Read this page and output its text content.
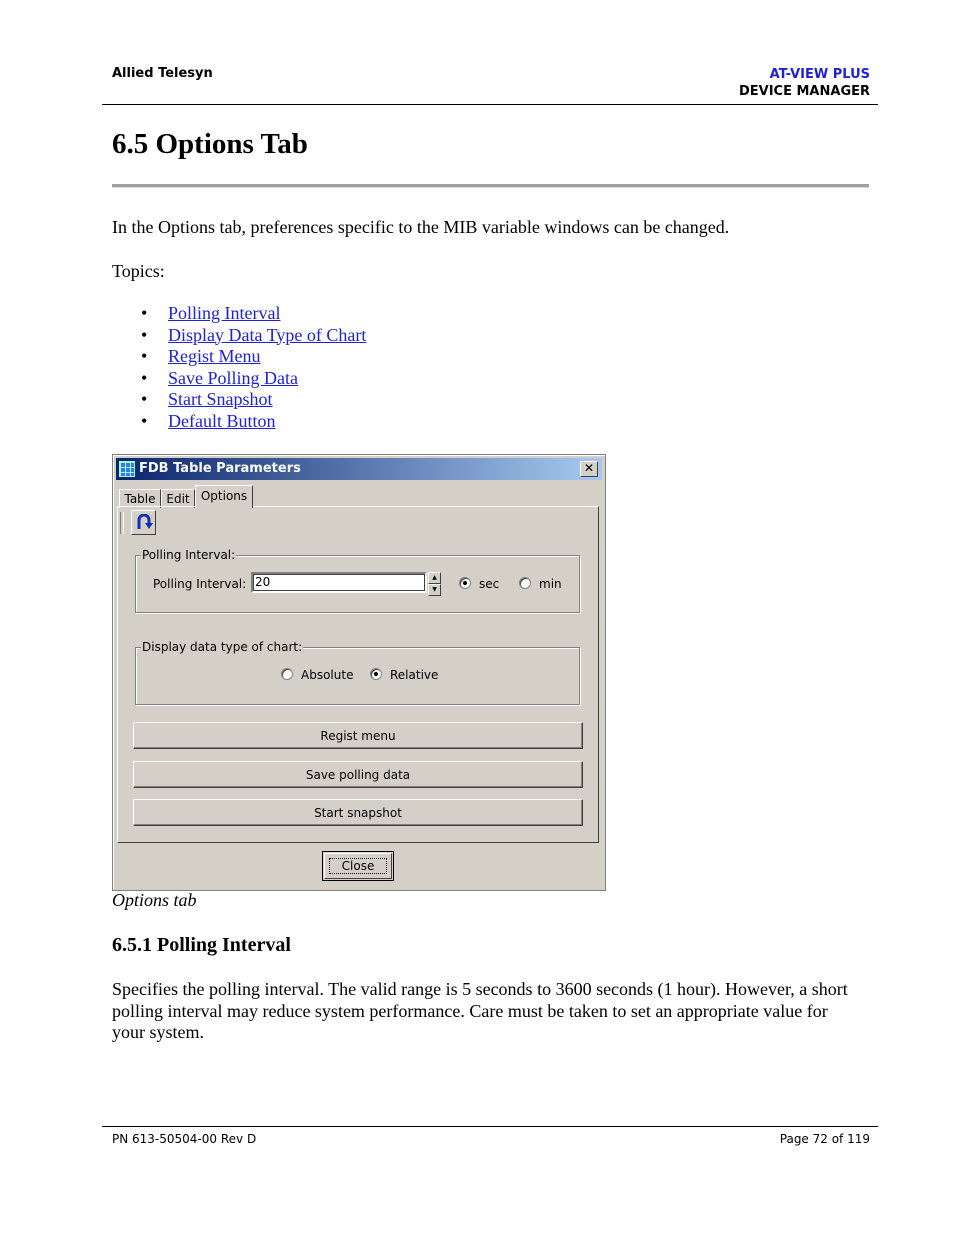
Allied Telesyn	AT-VIEW PLUS
DEVICE MANAGER
6.5 Options Tab

In the Options tab, preferences specific to the MIB variable windows can be changed.

Topics:

• Polling Interval
• Display Data Type of Chart
• Regist Menu
• Save Polling Data
• Start Snapshot
• Default Button
FDB Table Parameters	✕
Table Edit Options
Polling Interval:
Polling Interval: 20	▲
▼	sec	min
Display data type of chart:
Absolute	Relative
Regist menu
Save polling data
Start snapshot
Close
Options tab
6.5.1 Polling Interval

Specifies the polling interval. The valid range is 5 seconds to 3600 seconds (1 hour). However, a short polling interval may reduce system performance. Care must be taken to set an appropriate value for your system.

PN 613-50504-00 Rev D	Page 72 of 119
